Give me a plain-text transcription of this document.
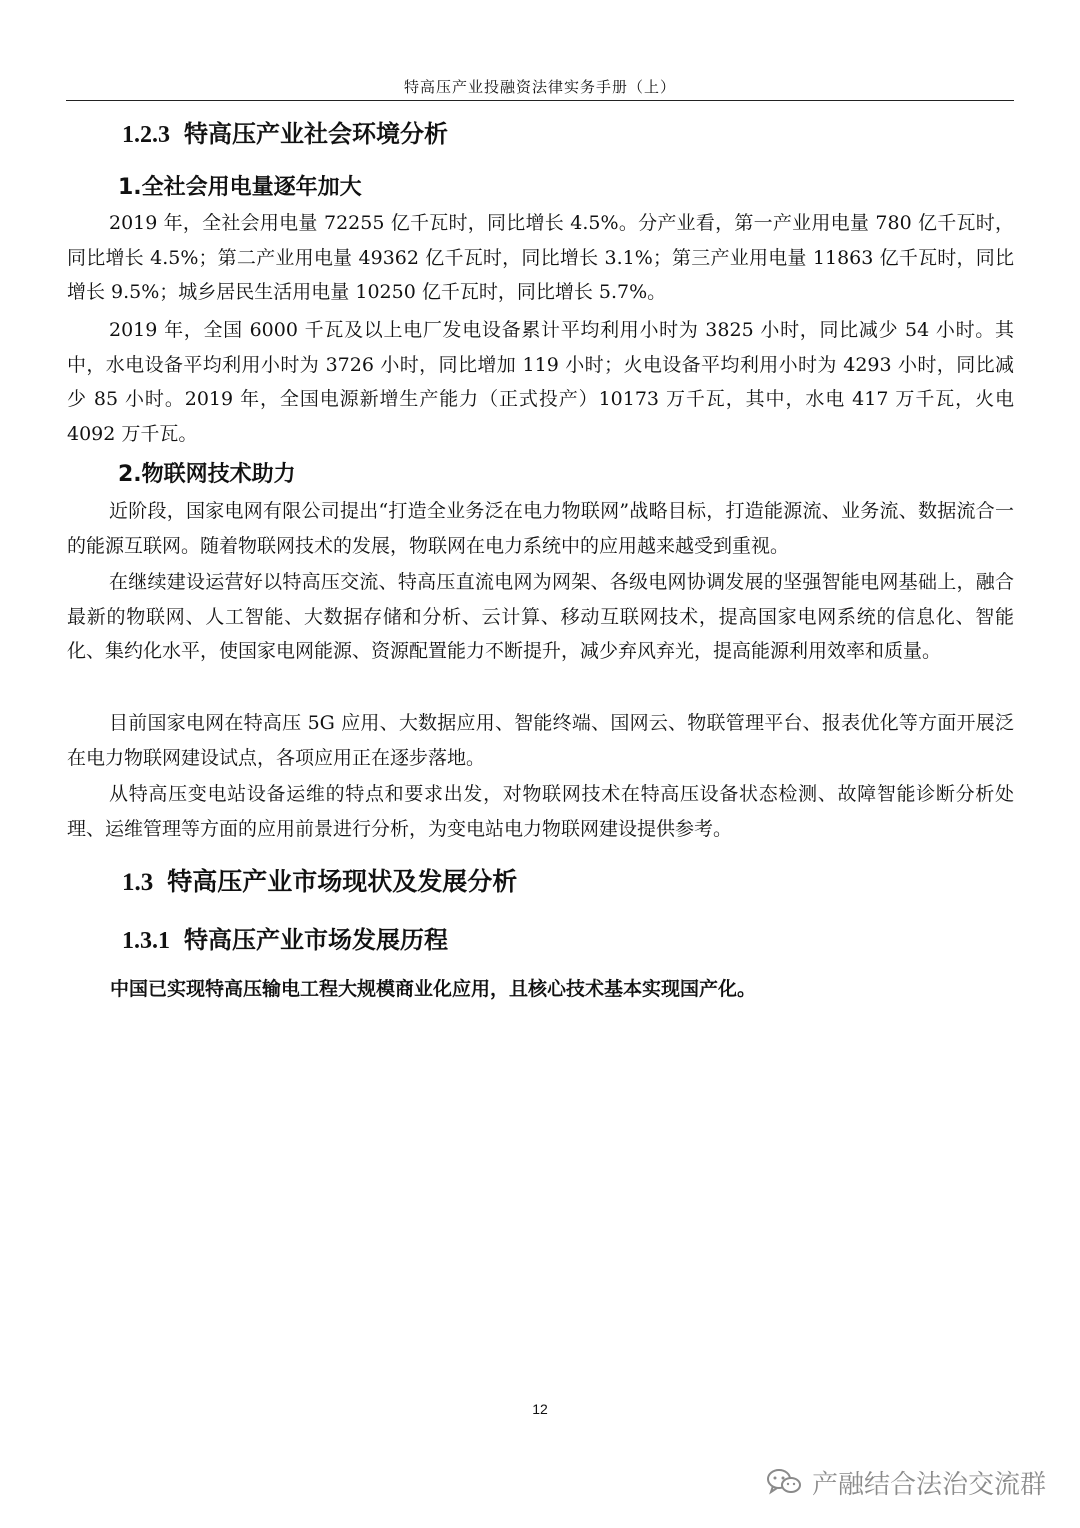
特高压产业投融资法律实务手册（上）
1.2.3 特高压产业社会环境分析
1.全社会用电量逐年加大

2019 年，全社会用电量 72255 亿千瓦时，同比增长 4.5%。分产业看，第一产业用电量 780 亿千瓦时，同比增长 4.5%；第二产业用电量 49362 亿千瓦时，同比增长 3.1%；第三产业用电量 11863 亿千瓦时，同比增长 9.5%；城乡居民生活用电量 10250 亿千瓦时，同比增长 5.7%。

2019 年，全国 6000 千瓦及以上电厂发电设备累计平均利用小时为 3825 小时，同比减少 54 小时。其中，水电设备平均利用小时为 3726 小时，同比增加 119 小时；火电设备平均利用小时为 4293 小时，同比减少 85 小时。2019 年，全国电源新增生产能力（正式投产）10173 万千瓦，其中，水电 417 万千瓦，火电 4092 万千瓦。

2.物联网技术助力

近阶段，国家电网有限公司提出“打造全业务泛在电力物联网”战略目标，打造能源流、业务流、数据流合一的能源互联网。随着物联网技术的发展，物联网在电力系统中的应用越来越受到重视。

在继续建设运营好以特高压交流、特高压直流电网为网架、各级电网协调发展的坚强智能电网基础上，融合最新的物联网、人工智能、大数据存储和分析、云计算、移动互联网技术，提高国家电网系统的信息化、智能化、集约化水平，使国家电网能源、资源配置能力不断提升，减少弃风弃光，提高能源利用效率和质量。

目前国家电网在特高压 5G 应用、大数据应用、智能终端、国网云、物联管理平台、报表优化等方面开展泛在电力物联网建设试点，各项应用正在逐步落地。

从特高压变电站设备运维的特点和要求出发，对物联网技术在特高压设备状态检测、故障智能诊断分析处理、运维管理等方面的应用前景进行分析，为变电站电力物联网建设提供参考。

1.3 特高压产业市场现状及发展分析
1.3.1 特高压产业市场发展历程
中国已实现特高压输电工程大规模商业化应用，且核心技术基本实现国产化。
12
产融结合法治交流群
